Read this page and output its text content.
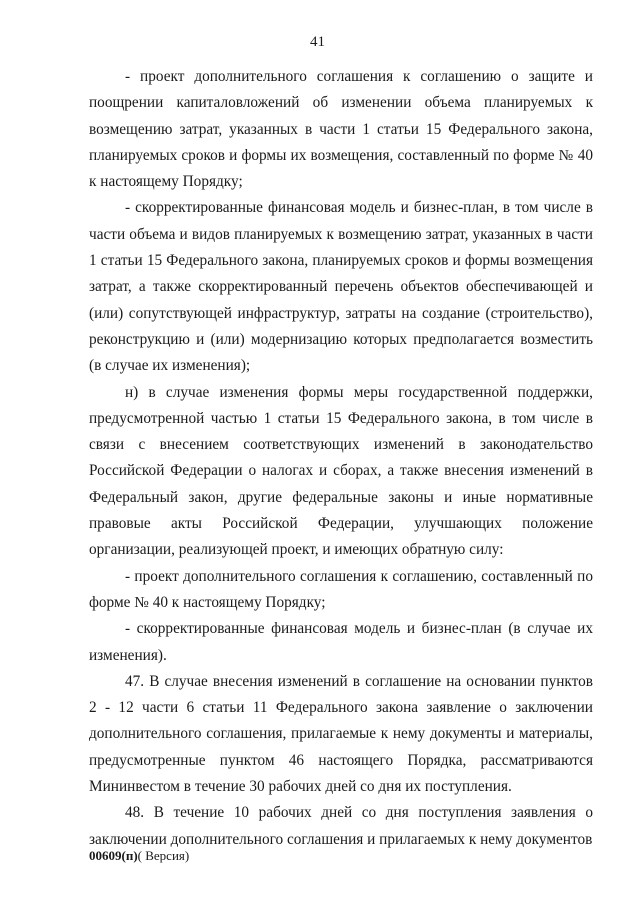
41

- проект дополнительного соглашения к соглашению о защите и поощрении капиталовложений об изменении объема планируемых к возмещению затрат, указанных в части 1 статьи 15 Федерального закона, планируемых сроков и формы их возмещения, составленный по форме № 40 к настоящему Порядку;

- скорректированные финансовая модель и бизнес-план, в том числе в части объема и видов планируемых к возмещению затрат, указанных в части 1 статьи 15 Федерального закона, планируемых сроков и формы возмещения затрат, а также скорректированный перечень объектов обеспечивающей и (или) сопутствующей инфраструктур, затраты на создание (строительство), реконструкцию и (или) модернизацию которых предполагается возместить (в случае их изменения);

н) в случае изменения формы меры государственной поддержки, предусмотренной частью 1 статьи 15 Федерального закона, в том числе в связи с внесением соответствующих изменений в законодательство Российской Федерации о налогах и сборах, а также внесения изменений в Федеральный закон, другие федеральные законы и иные нормативные правовые акты Российской Федерации, улучшающих положение организации, реализующей проект, и имеющих обратную силу:

- проект дополнительного соглашения к соглашению, составленный по форме № 40 к настоящему Порядку;

- скорректированные финансовая модель и бизнес-план (в случае их изменения).

47. В случае внесения изменений в соглашение на основании пунктов 2 - 12 части 6 статьи 11 Федерального закона заявление о заключении дополнительного соглашения, прилагаемые к нему документы и материалы, предусмотренные пунктом 46 настоящего Порядка, рассматриваются Мининвестом в течение 30 рабочих дней со дня их поступления.

48. В течение 10 рабочих дней со дня поступления заявления о заключении дополнительного соглашения и прилагаемых к нему документов

00609(п)( Версия)
